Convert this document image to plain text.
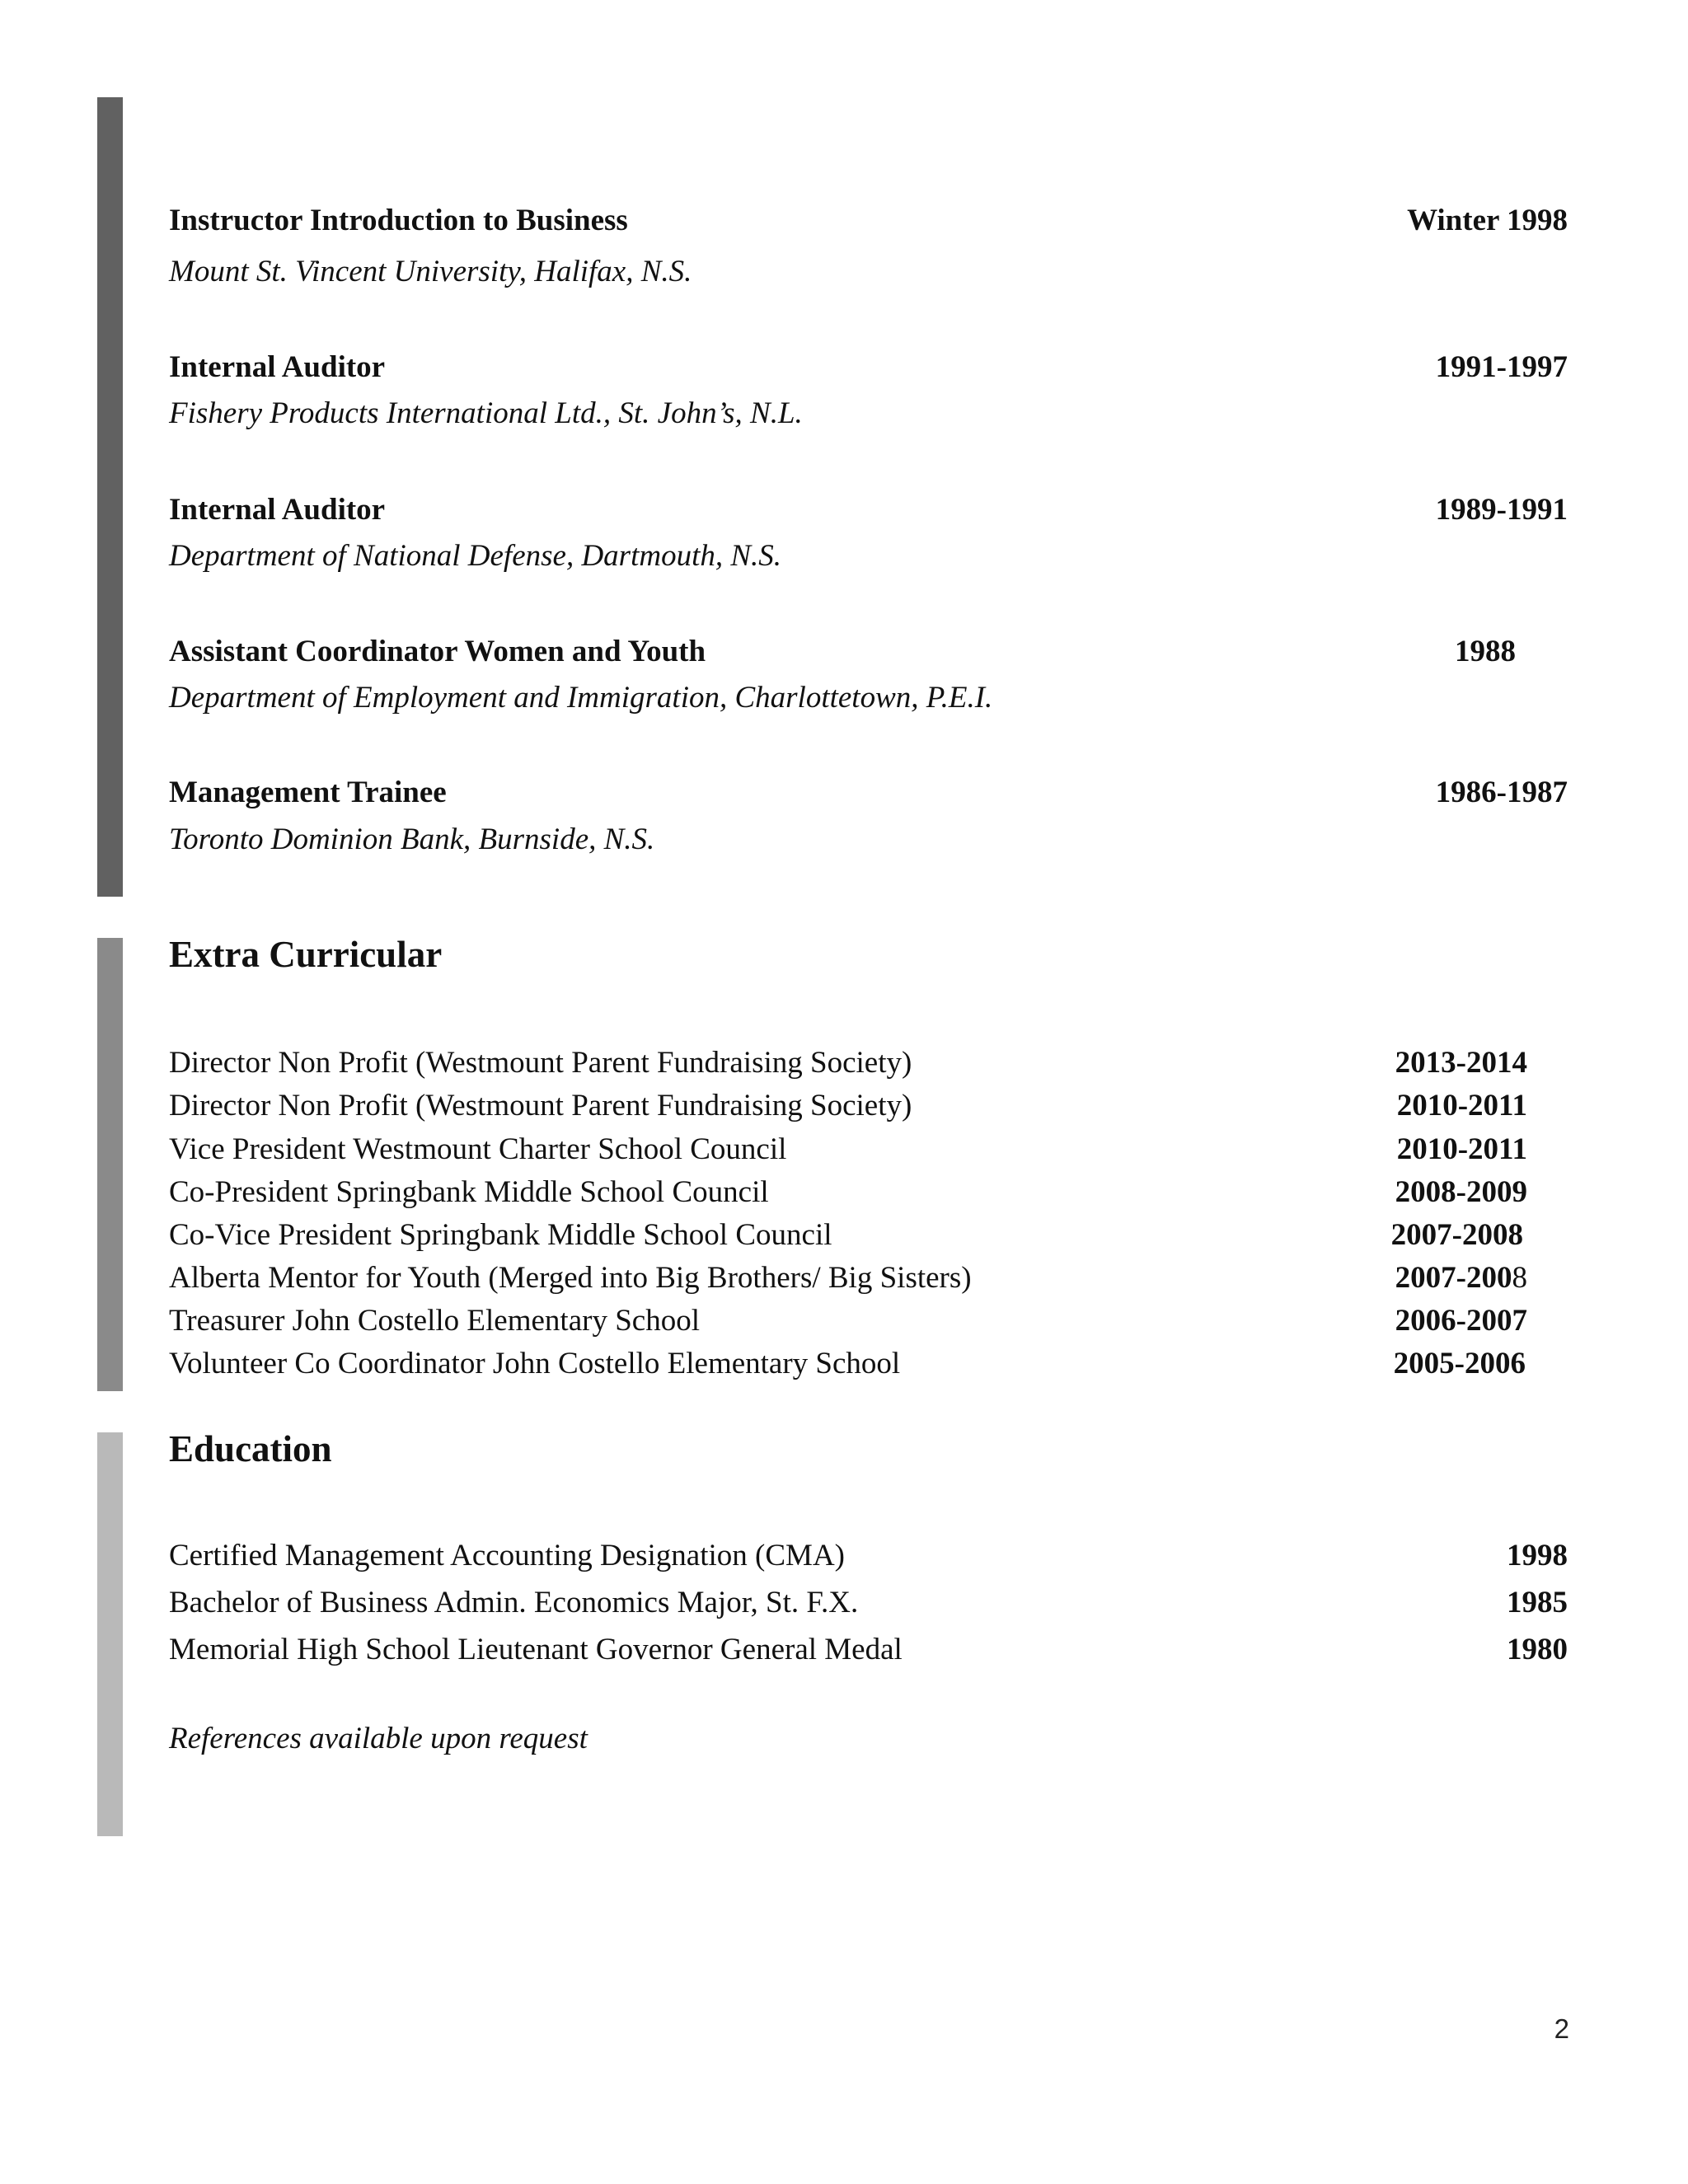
Instructor Introduction to Business	Winter 1998
Mount St. Vincent University, Halifax, N.S.
Internal Auditor	1991-1997
Fishery Products International Ltd., St. John’s, N.L.
Internal Auditor	1989-1991
Department of National Defense, Dartmouth, N.S.
Assistant Coordinator Women and Youth	1988
Department of Employment and Immigration, Charlottetown, P.E.I.
Management Trainee	1986-1987
Toronto Dominion Bank, Burnside, N.S.
Extra Curricular
Director Non Profit (Westmount Parent Fundraising Society)	2013-2014
Director Non Profit (Westmount Parent Fundraising Society)	2010-2011
Vice President Westmount Charter School Council	2010-2011
Co-President Springbank Middle School Council	2008-2009
Co-Vice President Springbank Middle School Council	2007-2008
Alberta Mentor for Youth (Merged into Big Brothers/ Big Sisters)	2007-2008
Treasurer John Costello Elementary School	2006-2007
Volunteer Co Coordinator John Costello Elementary School	2005-2006
Education
Certified Management Accounting Designation (CMA)	1998
Bachelor of Business Admin. Economics Major, St. F.X.	1985
Memorial High School Lieutenant Governor General Medal	1980
References available upon request
2
